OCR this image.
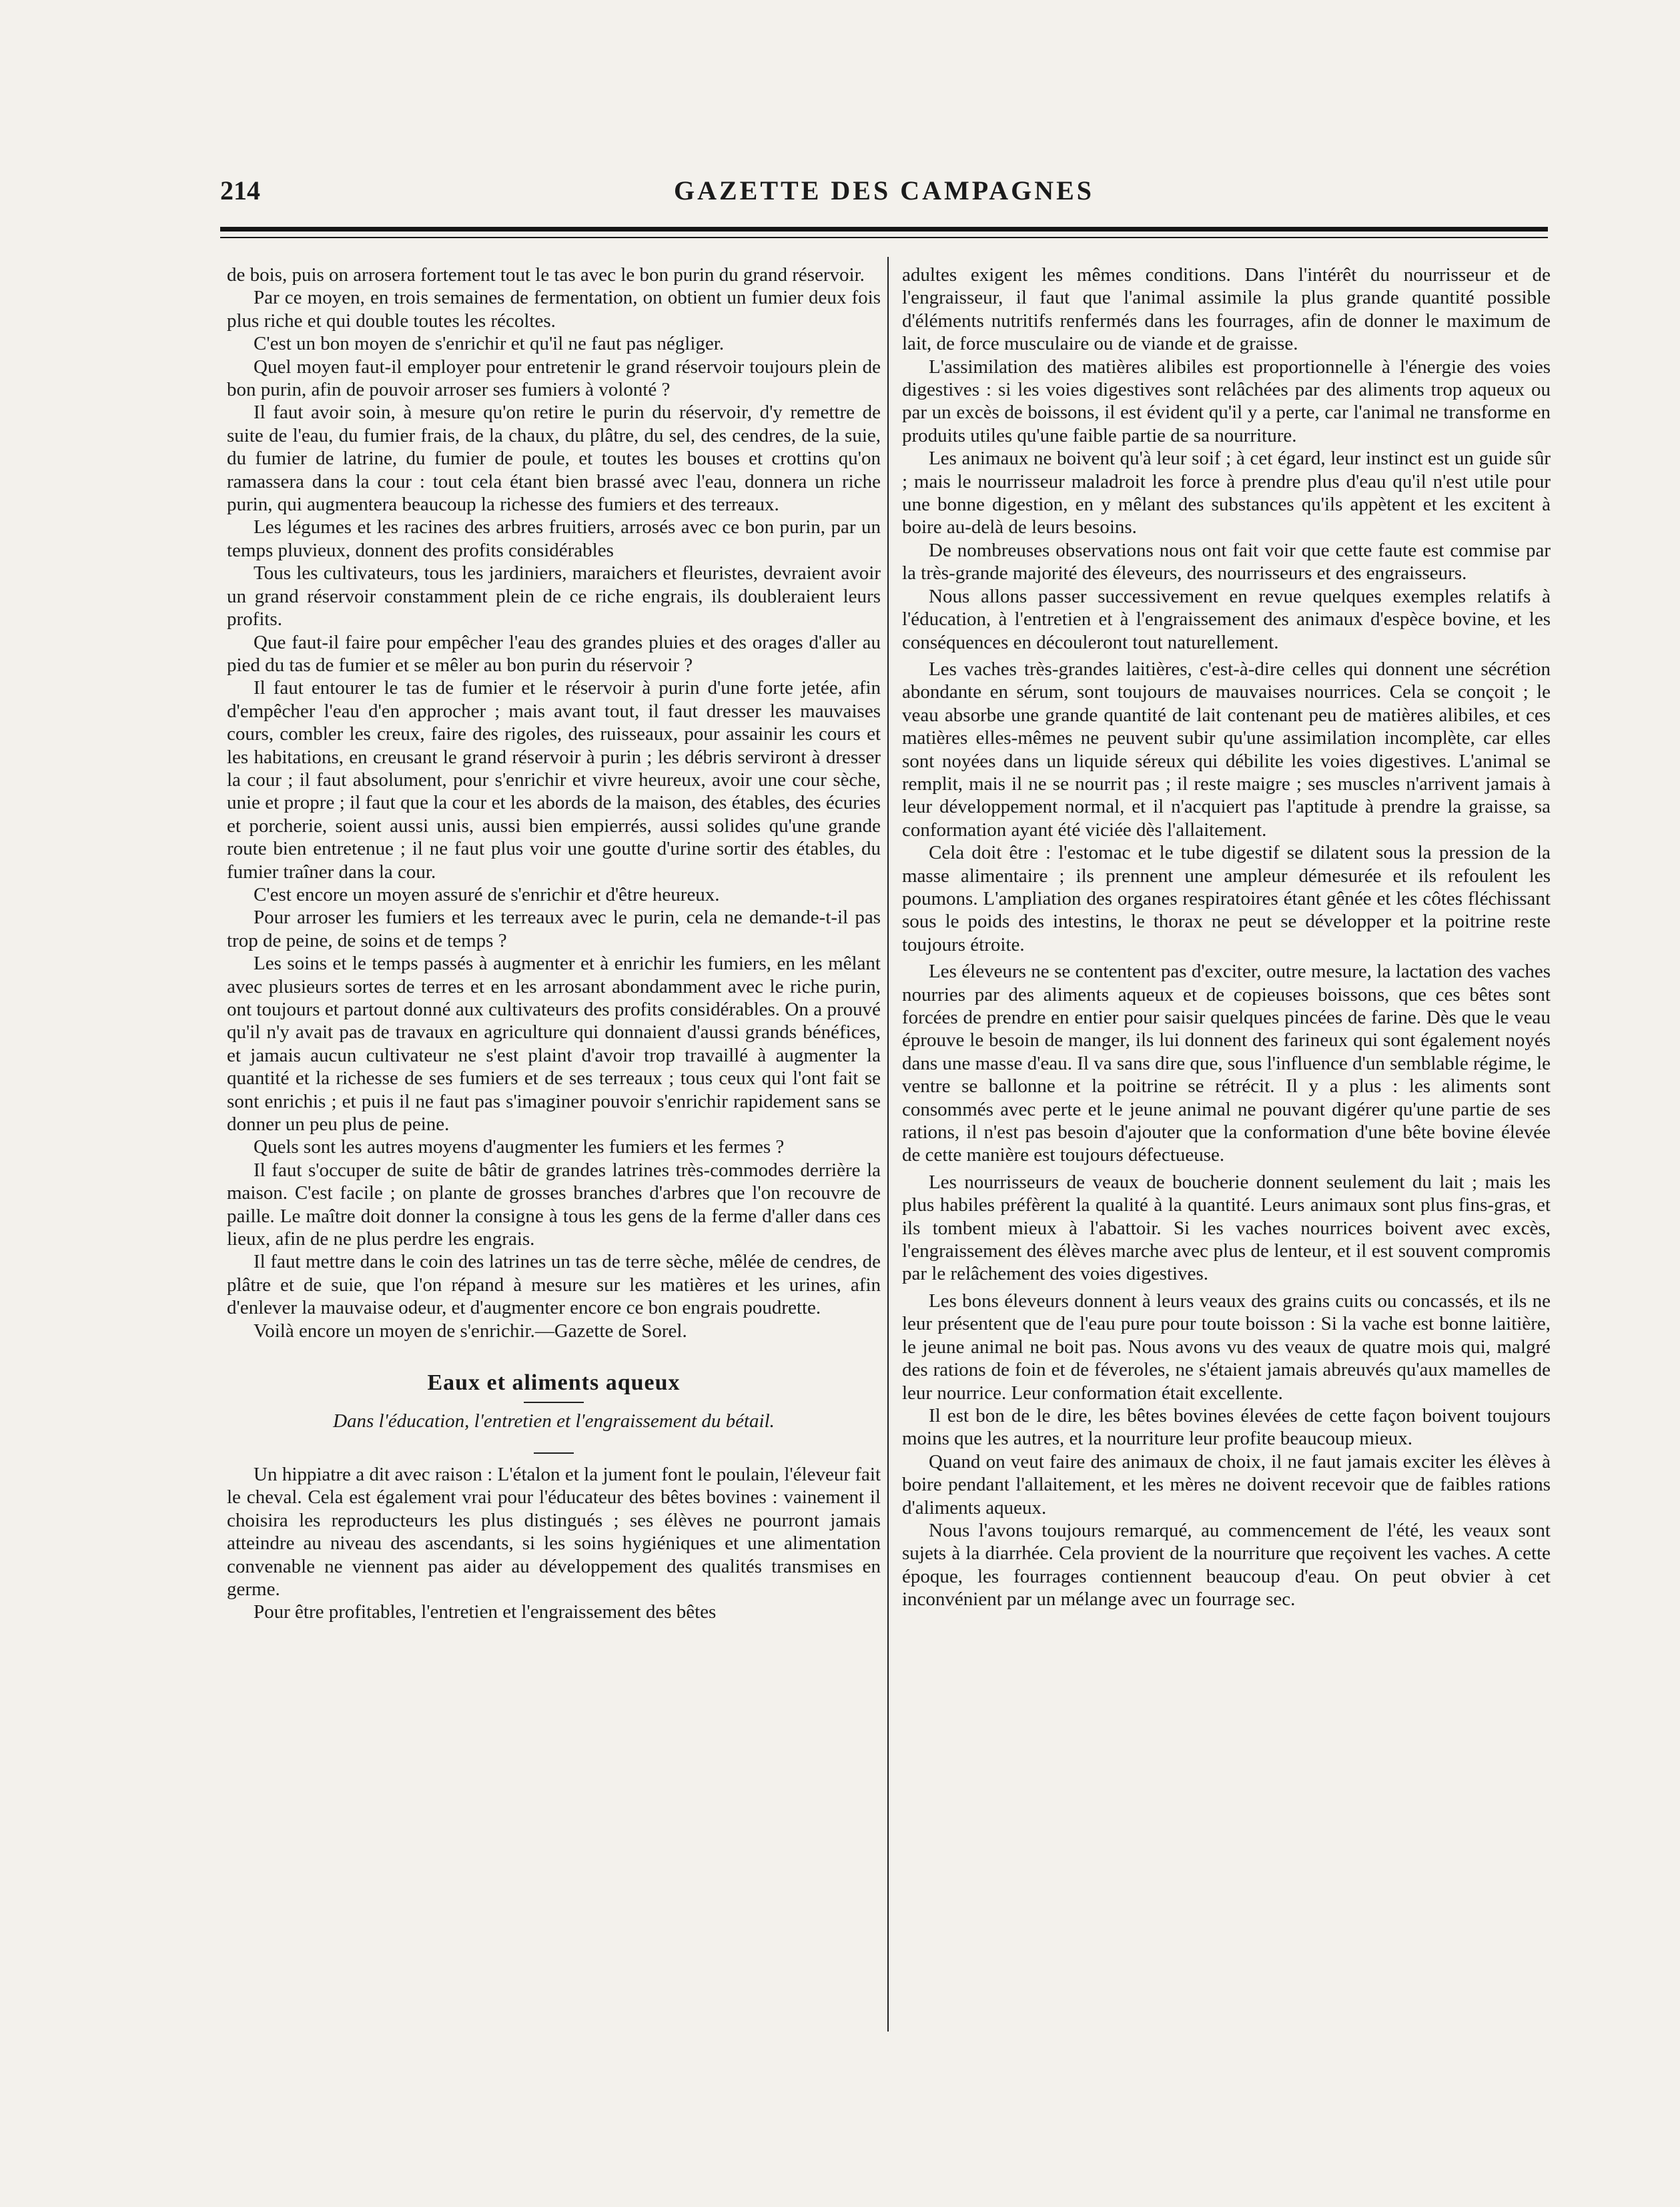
214	GAZETTE DES CAMPAGNES

de bois, puis on arrosera fortement tout le tas avec le bon purin du grand réservoir.

Par ce moyen, en trois semaines de fermentation, on obtient un fumier deux fois plus riche et qui double toutes les récoltes.

C'est un bon moyen de s'enrichir et qu'il ne faut pas négliger.

Quel moyen faut-il employer pour entretenir le grand réservoir toujours plein de bon purin, afin de pouvoir arroser ses fumiers à volonté ?

Il faut avoir soin, à mesure qu'on retire le purin du réservoir, d'y remettre de suite de l'eau, du fumier frais, de la chaux, du plâtre, du sel, des cendres, de la suie, du fumier de latrine, du fumier de poule, et toutes les bouses et crottins qu'on ramassera dans la cour : tout cela étant bien brassé avec l'eau, donnera un riche purin, qui augmentera beaucoup la richesse des fumiers et des terreaux.

Les légumes et les racines des arbres fruitiers, arrosés avec ce bon purin, par un temps pluvieux, donnent des profits considérables

Tous les cultivateurs, tous les jardiniers, maraichers et fleuristes, devraient avoir un grand réservoir constamment plein de ce riche engrais, ils doubleraient leurs profits.

Que faut-il faire pour empêcher l'eau des grandes pluies et des orages d'aller au pied du tas de fumier et se mêler au bon purin du réservoir ?

Il faut entourer le tas de fumier et le réservoir à purin d'une forte jetée, afin d'empêcher l'eau d'en approcher ; mais avant tout, il faut dresser les mauvaises cours, combler les creux, faire des rigoles, des ruisseaux, pour assainir les cours et les habitations, en creusant le grand réservoir à purin ; les débris serviront à dresser la cour ; il faut absolument, pour s'enrichir et vivre heureux, avoir une cour sèche, unie et propre ; il faut que la cour et les abords de la maison, des étables, des écuries et porcherie, soient aussi unis, aussi bien empierrés, aussi solides qu'une grande route bien entretenue ; il ne faut plus voir une goutte d'urine sortir des étables, du fumier traîner dans la cour.

C'est encore un moyen assuré de s'enrichir et d'être heureux.

Pour arroser les fumiers et les terreaux avec le purin, cela ne demande-t-il pas trop de peine, de soins et de temps ?

Les soins et le temps passés à augmenter et à enrichir les fumiers, en les mêlant avec plusieurs sortes de terres et en les arrosant abondamment avec le riche purin, ont toujours et partout donné aux cultivateurs des profits considérables. On a prouvé qu'il n'y avait pas de travaux en agriculture qui donnaient d'aussi grands bénéfices, et jamais aucun cultivateur ne s'est plaint d'avoir trop travaillé à augmenter la quantité et la richesse de ses fumiers et de ses terreaux ; tous ceux qui l'ont fait se sont enrichis ; et puis il ne faut pas s'imaginer pouvoir s'enrichir rapidement sans se donner un peu plus de peine.

Quels sont les autres moyens d'augmenter les fumiers et les fermes ?

Il faut s'occuper de suite de bâtir de grandes latrines très-commodes derrière la maison. C'est facile ; on plante de grosses branches d'arbres que l'on recouvre de paille. Le maître doit donner la consigne à tous les gens de la ferme d'aller dans ces lieux, afin de ne plus perdre les engrais.

Il faut mettre dans le coin des latrines un tas de terre sèche, mêlée de cendres, de plâtre et de suie, que l'on répand à mesure sur les matières et les urines, afin d'enlever la mauvaise odeur, et d'augmenter encore ce bon engrais poudrette.

Voilà encore un moyen de s'enrichir.—Gazette de Sorel.

Eaux et aliments aqueux
Dans l'éducation, l'entretien et l'engraissement du bétail.

Un hippiatre a dit avec raison : L'étalon et la jument font le poulain, l'éleveur fait le cheval. Cela est également vrai pour l'éducateur des bêtes bovines : vainement il choisira les reproducteurs les plus distingués ; ses élèves ne pourront jamais atteindre au niveau des ascendants, si les soins hygiéniques et une alimentation convenable ne viennent pas aider au développement des qualités transmises en germe.

Pour être profitables, l'entretien et l'engraissement des bêtes

adultes exigent les mêmes conditions. Dans l'intérêt du nourrisseur et de l'engraisseur, il faut que l'animal assimile la plus grande quantité possible d'éléments nutritifs renfermés dans les fourrages, afin de donner le maximum de lait, de force musculaire ou de viande et de graisse.

L'assimilation des matières alibiles est proportionnelle à l'énergie des voies digestives : si les voies digestives sont relâchées par des aliments trop aqueux ou par un excès de boissons, il est évident qu'il y a perte, car l'animal ne transforme en produits utiles qu'une faible partie de sa nourriture.

Les animaux ne boivent qu'à leur soif ; à cet égard, leur instinct est un guide sûr ; mais le nourrisseur maladroit les force à prendre plus d'eau qu'il n'est utile pour une bonne digestion, en y mêlant des substances qu'ils appètent et les excitent à boire au-delà de leurs besoins.

De nombreuses observations nous ont fait voir que cette faute est commise par la très-grande majorité des éleveurs, des nourrisseurs et des engraisseurs.

Nous allons passer successivement en revue quelques exemples relatifs à l'éducation, à l'entretien et à l'engraissement des animaux d'espèce bovine, et les conséquences en découleront tout naturellement.

Les vaches très-grandes laitières, c'est-à-dire celles qui donnent une sécrétion abondante en sérum, sont toujours de mauvaises nourrices. Cela se conçoit ; le veau absorbe une grande quantité de lait contenant peu de matières alibiles, et ces matières elles-mêmes ne peuvent subir qu'une assimilation incomplète, car elles sont noyées dans un liquide séreux qui débilite les voies digestives. L'animal se remplit, mais il ne se nourrit pas ; il reste maigre ; ses muscles n'arrivent jamais à leur développement normal, et il n'acquiert pas l'aptitude à prendre la graisse, sa conformation ayant été viciée dès l'allaitement.

Cela doit être : l'estomac et le tube digestif se dilatent sous la pression de la masse alimentaire ; ils prennent une ampleur démesurée et ils refoulent les poumons. L'ampliation des organes respiratoires étant gênée et les côtes fléchissant sous le poids des intestins, le thorax ne peut se développer et la poitrine reste toujours étroite.

Les éleveurs ne se contentent pas d'exciter, outre mesure, la lactation des vaches nourries par des aliments aqueux et de copieuses boissons, que ces bêtes sont forcées de prendre en entier pour saisir quelques pincées de farine. Dès que le veau éprouve le besoin de manger, ils lui donnent des farineux qui sont également noyés dans une masse d'eau. Il va sans dire que, sous l'influence d'un semblable régime, le ventre se ballonne et la poitrine se rétrécit. Il y a plus : les aliments sont consommés avec perte et le jeune animal ne pouvant digérer qu'une partie de ses rations, il n'est pas besoin d'ajouter que la conformation d'une bête bovine élevée de cette manière est toujours défectueuse.

Les nourrisseurs de veaux de boucherie donnent seulement du lait ; mais les plus habiles préfèrent la qualité à la quantité. Leurs animaux sont plus fins-gras, et ils tombent mieux à l'abattoir. Si les vaches nourrices boivent avec excès, l'engraissement des élèves marche avec plus de lenteur, et il est souvent compromis par le relâchement des voies digestives.

Les bons éleveurs donnent à leurs veaux des grains cuits ou concassés, et ils ne leur présentent que de l'eau pure pour toute boisson : Si la vache est bonne laitière, le jeune animal ne boit pas. Nous avons vu des veaux de quatre mois qui, malgré des rations de foin et de féveroles, ne s'étaient jamais abreuvés qu'aux mamelles de leur nourrice. Leur conformation était excellente.

Il est bon de le dire, les bêtes bovines élevées de cette façon boivent toujours moins que les autres, et la nourriture leur profite beaucoup mieux.

Quand on veut faire des animaux de choix, il ne faut jamais exciter les élèves à boire pendant l'allaitement, et les mères ne doivent recevoir que de faibles rations d'aliments aqueux.

Nous l'avons toujours remarqué, au commencement de l'été, les veaux sont sujets à la diarrhée. Cela provient de la nourriture que reçoivent les vaches. A cette époque, les fourrages contiennent beaucoup d'eau. On peut obvier à cet inconvénient par un mélange avec un fourrage sec.
